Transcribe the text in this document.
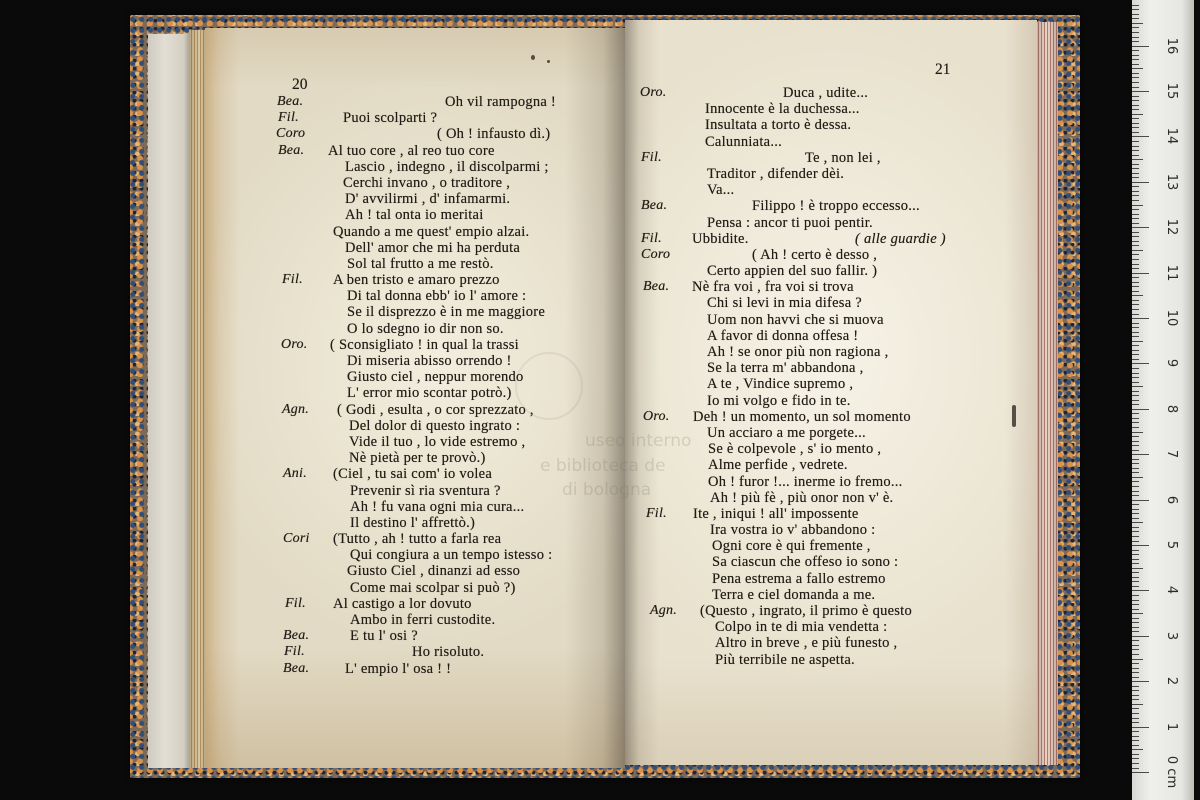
20
Bea.	Oh vil rampogna !
Fil.	Puoi scolparti ?
Coro	( Oh ! infausto dì.)
Bea. Al tuo core , al reo tuo core
Lascio , indegno , il discolparmi ;
Cerchi invano , o traditore ,
D' avvilirmi , d' infamarmi.
Ah ! tal onta io meritai
Quando a me quest' empio alzai.
Dell' amor che mi ha perduta
Sol tal frutto a me restò.
Fil. A ben tristo e amaro prezzo
Di tal donna ebb' io l' amore :
Se il disprezzo è in me maggiore
O lo sdegno io dir non so.
Oro. ( Sconsigliato ! in qual la trassi
Di miseria abisso orrendo !
Giusto ciel , neppur morendo
L' error mio scontar potrò.)
Agn. ( Godi , esulta , o cor sprezzato ,
Del dolor di questo ingrato :
Vide il tuo , lo vide estremo ,
Nè pietà per te provò.)
Ani. (Ciel , tu sai com' io volea
Prevenir sì ria sventura ?
Ah ! fu vana ogni mia cura...
Il destino l' affrettò.)
Cori (Tutto , ah ! tutto a farla rea
Qui congiura a un tempo istesso :
Giusto Ciel , dinanzi ad esso
Come mai scolpar si può ?)
Fil. Al castigo a lor dovuto
Ambo in ferri custodite.
Bea.	E tu l' osi ?
Fil.	Ho risoluto.
Bea. L' empio l' osa ! !
21
Oro.	Duca , udite...
Innocente è la duchessa...
Insultata a torto è dessa.
Calunniata...
Fil.	Te , non lei ,
Traditor , difender dèi.
Va...
Bea.	Filippo ! è troppo eccesso...
Pensa : ancor ti puoi pentir.
Fil. Ubbidite.	( alle guardie )
Coro	( Ah ! certo è desso ,
Certo appien del suo fallir. )
Bea. Nè fra voi , fra voi si trova
Chi si levi in mia difesa ?
Uom non havvi che si muova
A favor di donna offesa !
Ah ! se onor più non ragiona ,
Se la terra m' abbandona ,
A te , Vindice supremo ,
Io mi volgo e fido in te.
Oro. Deh ! un momento, un sol momento
Un acciaro a me porgete...
Se è colpevole , s' io mento ,
Alme perfide , vedrete.
Oh ! furor !... inerme io fremo...
Ah ! più fè , più onor non v' è.
Fil. Ite , iniqui ! all' impossente
Ira vostra io v' abbandono :
Ogni core è qui fremente ,
Sa ciascun che offeso io sono :
Pena estrema a fallo estremo
Terra e ciel domanda a me.
Agn. (Questo , ingrato, il primo è questo
Colpo in te di mia vendetta :
Altro in breve , e più funesto ,
Più terribile ne aspetta.
useo interno
e biblioteca de
di bologna
0 cm
1
2
3
4
5
6
7
8
9
10
11
12
13
14
15
16
